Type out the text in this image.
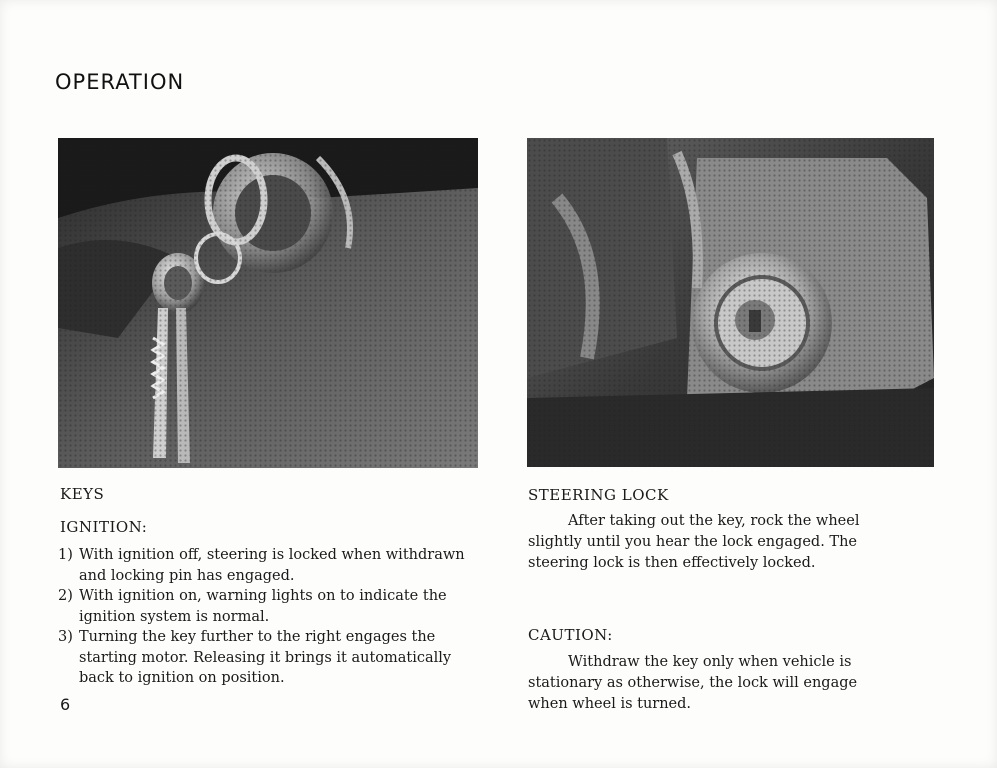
OPERATION
KEYS
IGNITION:
1) With ignition off, steering is locked when withdrawn and locking pin has engaged.
2) With ignition on, warning lights on to indicate the ignition system is normal.
3) Turning the key further to the right engages the starting motor. Releasing it brings it automatically back to ignition on position.
STEERING LOCK

After taking out the key, rock the wheel slightly until you hear the lock engaged. The steering lock is then effectively locked.

CAUTION:

Withdraw the key only when vehicle is stationary as otherwise, the lock will engage when wheel is turned.

6
